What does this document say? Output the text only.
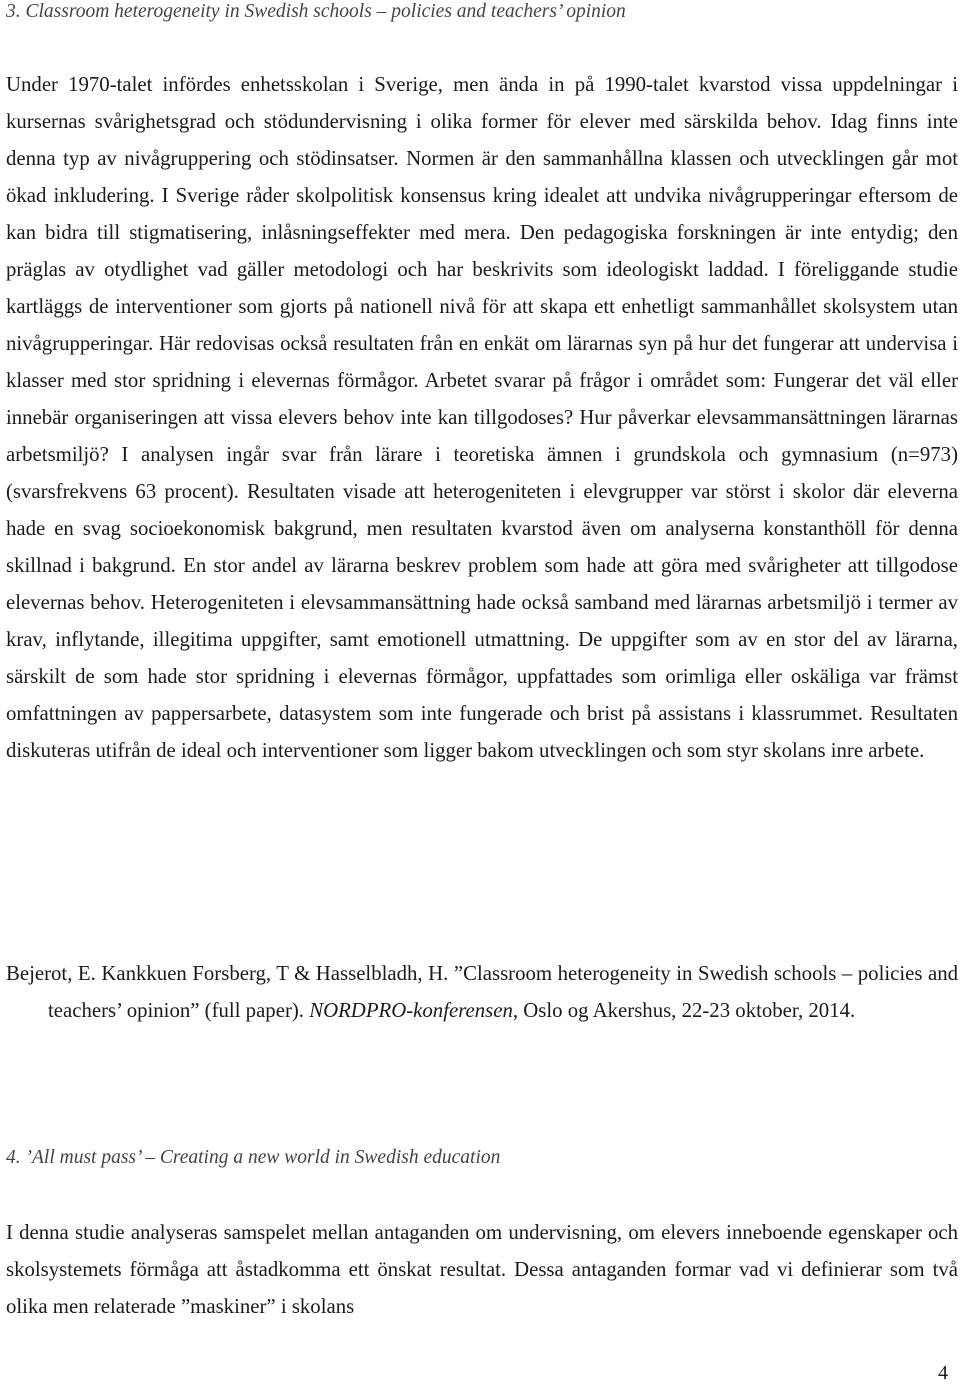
3. Classroom heterogeneity in Swedish schools – policies and teachers’ opinion

Under 1970-talet infördes enhetsskolan i Sverige, men ända in på 1990-talet kvarstod vissa uppdelningar i kursernas svårighetsgrad och stödundervisning i olika former för elever med särskilda behov. Idag finns inte denna typ av nivågruppering och stödinsatser. Normen är den sammanhållna klassen och utvecklingen går mot ökad inkludering. I Sverige råder skolpolitisk konsensus kring idealet att undvika nivågrupperingar eftersom de kan bidra till stigmatisering, inlåsningseffekter med mera. Den pedagogiska forskningen är inte entydig; den präglas av otydlighet vad gäller metodologi och har beskrivits som ideologiskt laddad. I föreliggande studie kartläggs de interventioner som gjorts på nationell nivå för att skapa ett enhetligt sammanhållet skolsystem utan nivågrupperingar. Här redovisas också resultaten från en enkät om lärarnas syn på hur det fungerar att undervisa i klasser med stor spridning i elevernas förmågor. Arbetet svarar på frågor i området som: Fungerar det väl eller innebär organiseringen att vissa elevers behov inte kan tillgodoses? Hur påverkar elevsammansättningen lärarnas arbetsmiljö? I analysen ingår svar från lärare i teoretiska ämnen i grundskola och gymnasium (n=973) (svarsfrekvens 63 procent). Resultaten visade att heterogeniteten i elevgrupper var störst i skolor där eleverna hade en svag socioekonomisk bakgrund, men resultaten kvarstod även om analyserna konstanthöll för denna skillnad i bakgrund. En stor andel av lärarna beskrev problem som hade att göra med svårigheter att tillgodose elevernas behov. Heterogeniteten i elevsammansättning hade också samband med lärarnas arbetsmiljö i termer av krav, inflytande, illegitima uppgifter, samt emotionell utmattning. De uppgifter som av en stor del av lärarna, särskilt de som hade stor spridning i elevernas förmågor, uppfattades som orimliga eller oskäliga var främst omfattningen av pappersarbete, datasystem som inte fungerade och brist på assistans i klassrummet. Resultaten diskuteras utifrån de ideal och interventioner som ligger bakom utvecklingen och som styr skolans inre arbete.

Bejerot, E. Kankkuen Forsberg, T & Hasselbladh, H. ”Classroom heterogeneity in Swedish schools – policies and teachers’ opinion” (full paper). NORDPRO-konferensen, Oslo og Akershus, 22-23 oktober, 2014.

4. ’All must pass’ – Creating a new world in Swedish education

I denna studie analyseras samspelet mellan antaganden om undervisning, om elevers inneboende egenskaper och skolsystemets förmåga att åstadkomma ett önskat resultat. Dessa antaganden formar vad vi definierar som två olika men relaterade ”maskiner” i skolans

4
